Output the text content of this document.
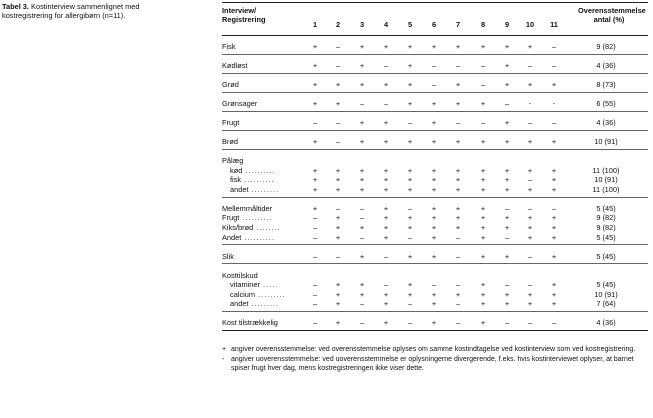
Tabel 3. Kostinterview sammenlignet med kostregistrering for allergibørn (n=11).
Interview/
Registrering
1	2	3	4	5	6	7	8	9	10	11
Overensstemmelse
antal (%)
Fisk	+	–	+	+	+	+	+	+	+	+	–	9 (82)
Kødløst	+	–	+	–	+	–	–	–	+	–	–	4 (36)
Grød	+	+	+	+	+	–	+	–	+	+	+	8 (73)
Grønsager	+	+	–	–	+	+	+	+	–	-	-	6 (55)
Frugt	–	–	+	+	–	+	–	–	+	–	–	4 (36)
Brød	+	–	+	+	+	+	+	+	+	+	+	10 (91)
Pålæg
kød ..........	+	+	+	+	+	+	+	+	+	+	+	11 (100)
fisk ..........	+	+	+	+	+	+	+	+	+	–	+	10 (91)
andet .........	+	+	+	+	+	+	+	+	+	+	+	11 (100)
Mellemmåltider	+	–	–	+	–	+	+	+	–	–	–	5 (45)
Frugt ..........	–	+	–	+	+	+	+	+	+	+	+	9 (82)
Kiks/brød ........	–	+	+	+	+	+	+	+	+	+	+	9 (82)
Andet ..........	–	+	–	+	–	+	–	+	–	+	+	5 (45)
Slik	–	–	+	–	+	+	–	+	+	–	+	5 (45)
Kosttilskud
vitaminer .....	–	+	+	–	+	–	–	+	–	–	+	5 (45)
calcium .........	–	+	+	+	+	+	+	+	+	+	+	10 (91)
andet .........	–	+	–	+	–	+	–	+	+	+	+	7 (64)
Kost tilstrækkelig	–	+	–	+	–	+	–	+	–	–	–	4 (36)
+ angiver overensstemmelse: ved overensstemmelse oplyses om samme kostindtagelse ved kostinterview som ved kostregistrering.
- angiver uoverensstemmelse: ved uoverensstemmelse er oplysningerne divergerende, f.eks. hvis kostinterviewet oplyser, at barnet spiser frugt hver dag, mens kostregistreringen ikke viser dette.
